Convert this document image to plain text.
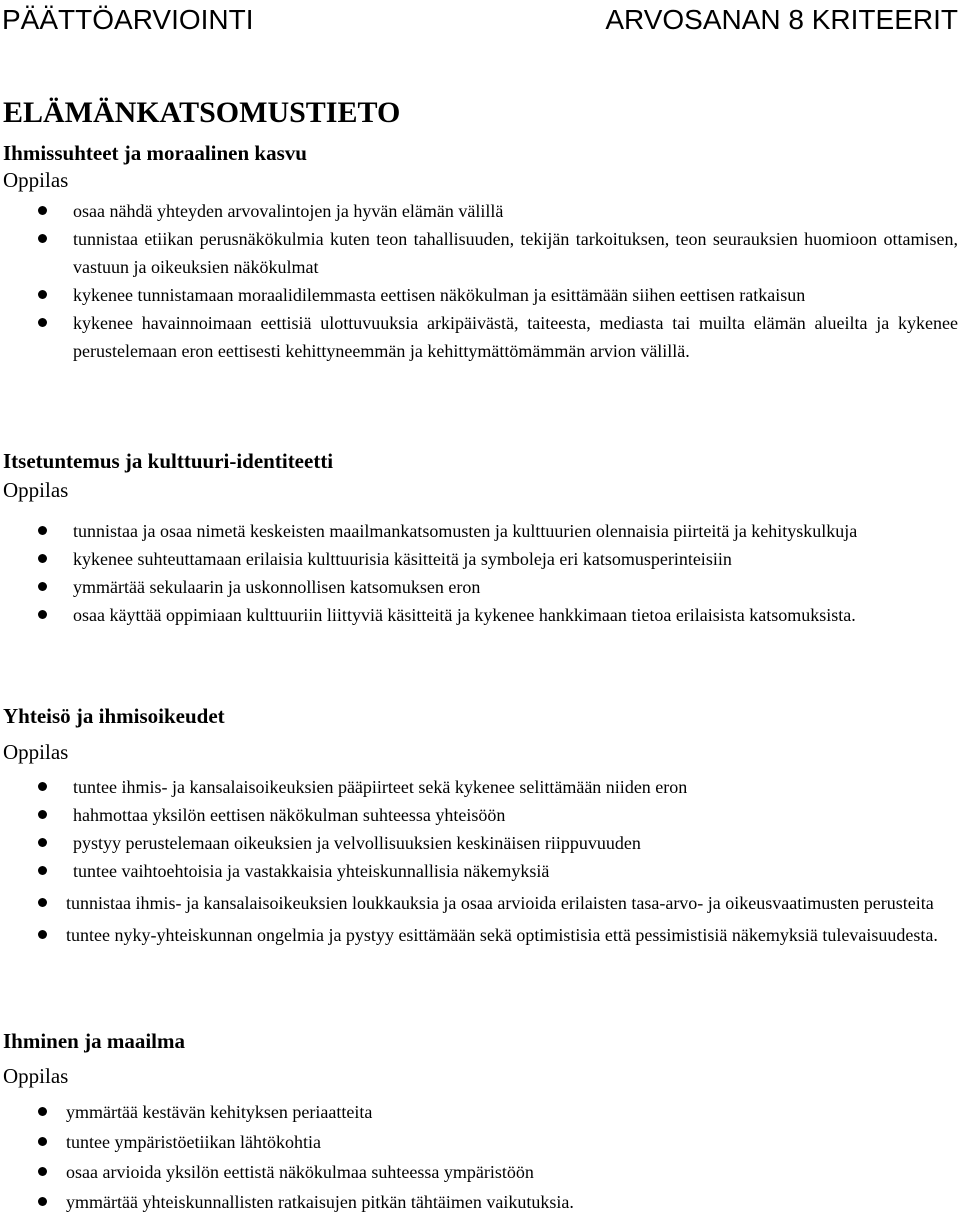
PÄÄTTÖARVIOINTI	ARVOSANAN 8 KRITEERIT
ELÄMÄNKATSOMUSTIETO
Ihmissuhteet ja moraalinen kasvu
Oppilas
osaa nähdä yhteyden arvovalintojen ja hyvän elämän välillä
tunnistaa etiikan perusnäkökulmia kuten teon tahallisuuden, tekijän tarkoituksen, teon seurauksien huomioon ottamisen, vastuun ja oikeuksien näkökulmat
kykenee tunnistamaan moraalidilemmasta eettisen näkökulman ja esittämään siihen eettisen ratkaisun
kykenee havainnoimaan eettisiä ulottuvuuksia arkipäivästä, taiteesta, mediasta tai muilta elämän alueilta ja kykenee perustelemaan eron eettisesti kehittyneemmän ja kehittymättömämmän arvion välillä.
Itsetuntemus ja kulttuuri-identiteetti
Oppilas
tunnistaa ja osaa nimetä keskeisten maailmankatsomusten ja kulttuurien olennaisia piirteitä ja kehityskulkuja
kykenee suhteuttamaan erilaisia kulttuurisia käsitteitä ja symboleja eri katsomusperinteisiin
ymmärtää sekulaarin ja uskonnollisen katsomuksen eron
osaa käyttää oppimiaan kulttuuriin liittyviä käsitteitä ja kykenee hankkimaan tietoa erilaisista katsomuksista.
Yhteisö ja ihmisoikeudet
Oppilas
tuntee ihmis- ja kansalaisoikeuksien pääpiirteet sekä kykenee selittämään niiden eron
hahmottaa yksilön eettisen näkökulman suhteessa yhteisöön
pystyy perustelemaan oikeuksien ja velvollisuuksien keskinäisen riippuvuuden
tuntee vaihtoehtoisia ja vastakkaisia yhteiskunnallisia näkemyksiä
tunnistaa ihmis- ja kansalaisoikeuksien loukkauksia ja osaa arvioida erilaisten tasa-arvo- ja oikeusvaatimusten perusteita
tuntee nyky-yhteiskunnan ongelmia ja pystyy esittämään sekä optimistisia että pessimistisiä näkemyksiä tulevaisuudesta.
Ihminen ja maailma
Oppilas
ymmärtää kestävän kehityksen periaatteita
tuntee ympäristöetiikan lähtökohtia
osaa arvioida yksilön eettistä näkökulmaa suhteessa ympäristöön
ymmärtää yhteiskunnallisten ratkaisujen pitkän tähtäimen vaikutuksia.
